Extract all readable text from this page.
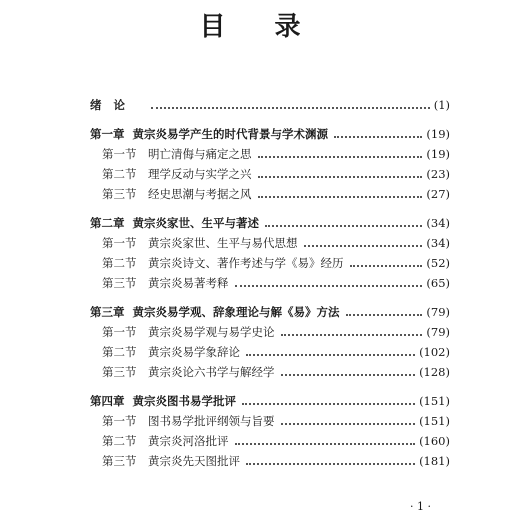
目 录
绪论	(1)
第一章 黄宗炎易学产生的时代背景与学术渊源	(19)
第一节	明亡清侮与痛定之思	(19)
第二节	理学反动与实学之兴	(23)
第三节	经史思潮与考据之风	(27)
第二章 黄宗炎家世、生平与著述	(34)
第一节	黄宗炎家世、生平与易代思想	(34)
第二节	黄宗炎诗文、著作考述与学《易》经历	(52)
第三节	黄宗炎易著考释	(65)
第三章 黄宗炎易学观、辞象理论与解《易》方法	(79)
第一节	黄宗炎易学观与易学史论	(79)
第二节	黄宗炎易学象辞论	(102)
第三节	黄宗炎论六书学与解经学	(128)
第四章 黄宗炎图书易学批评	(151)
第一节	图书易学批评纲领与旨要	(151)
第二节	黄宗炎河洛批评	(160)
第三节	黄宗炎先天图批评	(181)
· 1 ·
